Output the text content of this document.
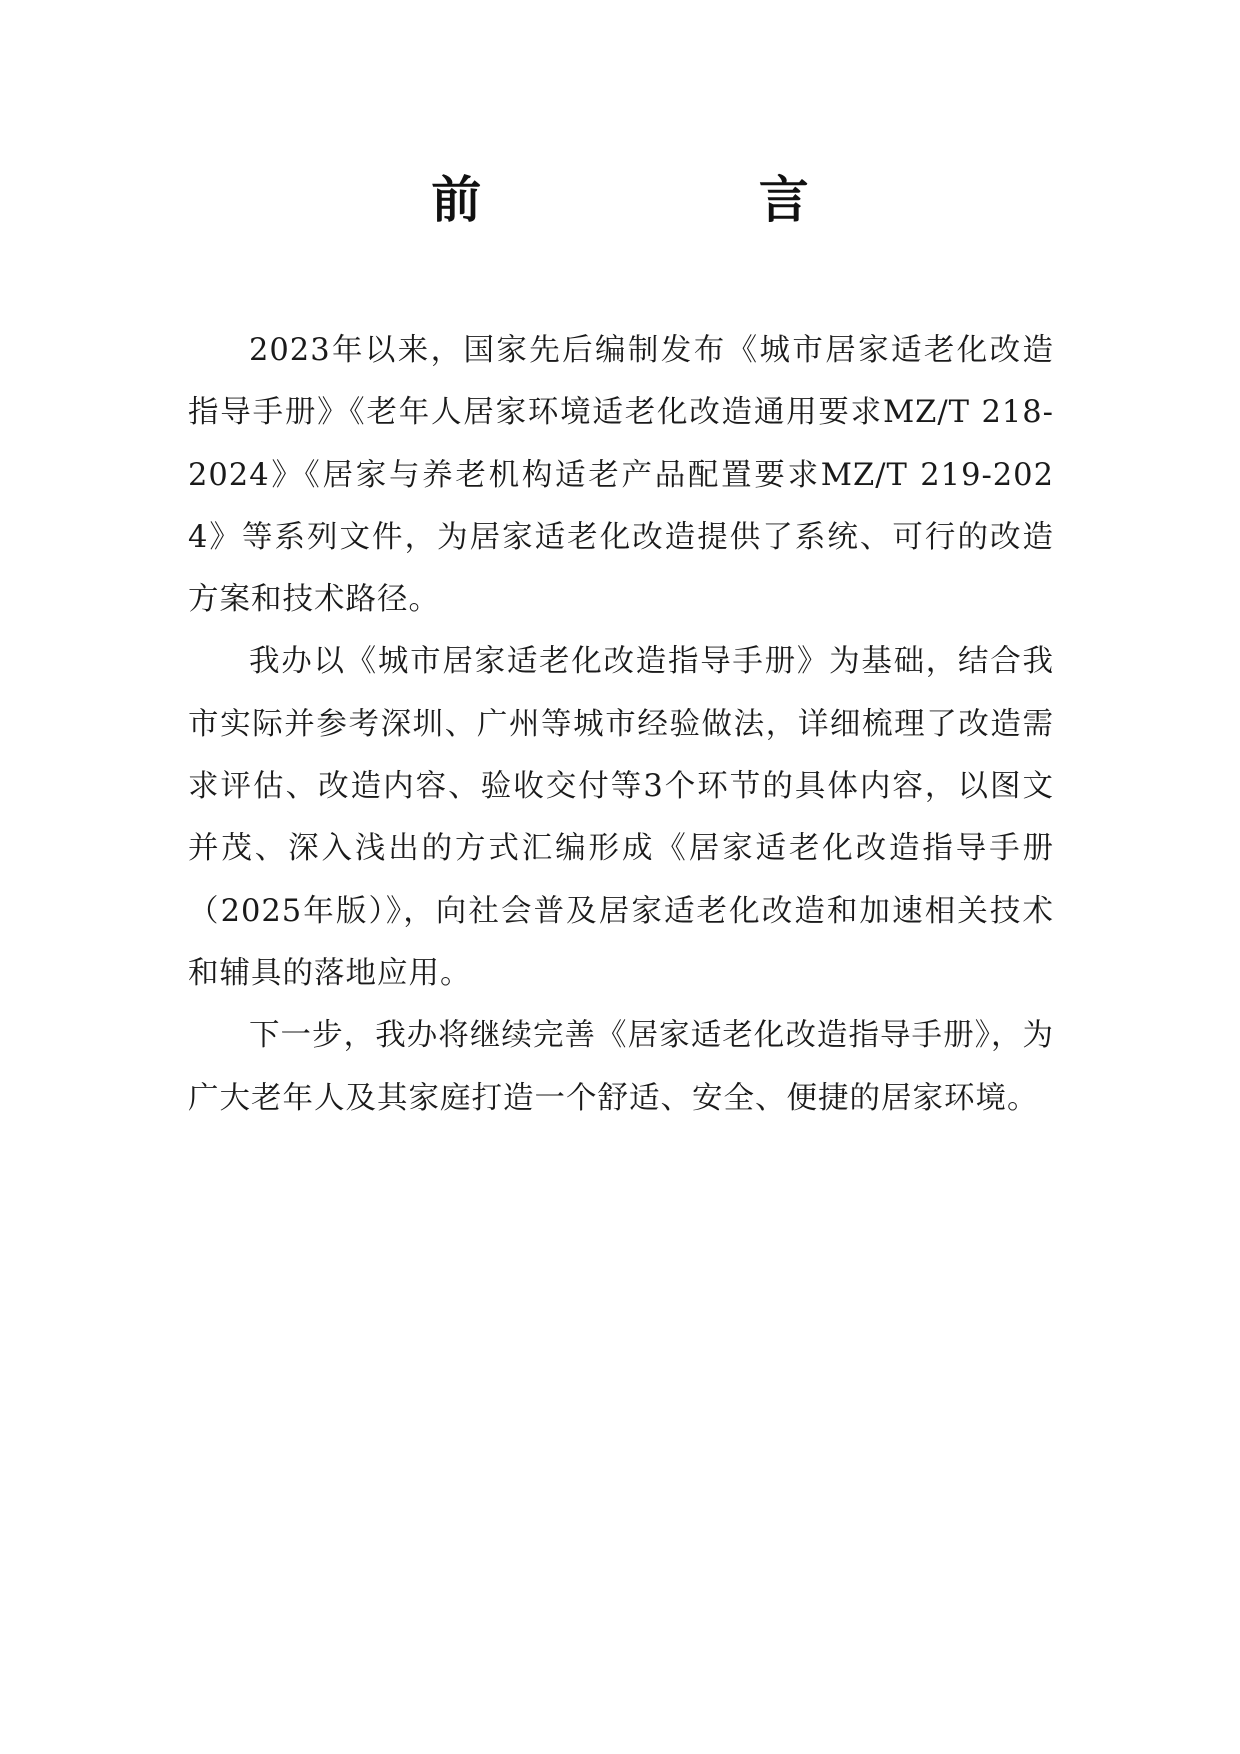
前 言

2023年以来，国家先后编制发布《城市居家适老化改造指导手册》《老年人居家环境适老化改造通用要求MZ/T 218-2024》《居家与养老机构适老产品配置要求MZ/T 219-2024》等系列文件，为居家适老化改造提供了系统、可行的改造方案和技术路径。

我办以《城市居家适老化改造指导手册》为基础，结合我市实际并参考深圳、广州等城市经验做法，详细梳理了改造需求评估、改造内容、验收交付等3个环节的具体内容，以图文并茂、深入浅出的方式汇编形成《居家适老化改造指导手册（2025年版）》，向社会普及居家适老化改造和加速相关技术和辅具的落地应用。

下一步，我办将继续完善《居家适老化改造指导手册》，为广大老年人及其家庭打造一个舒适、安全、便捷的居家环境。
